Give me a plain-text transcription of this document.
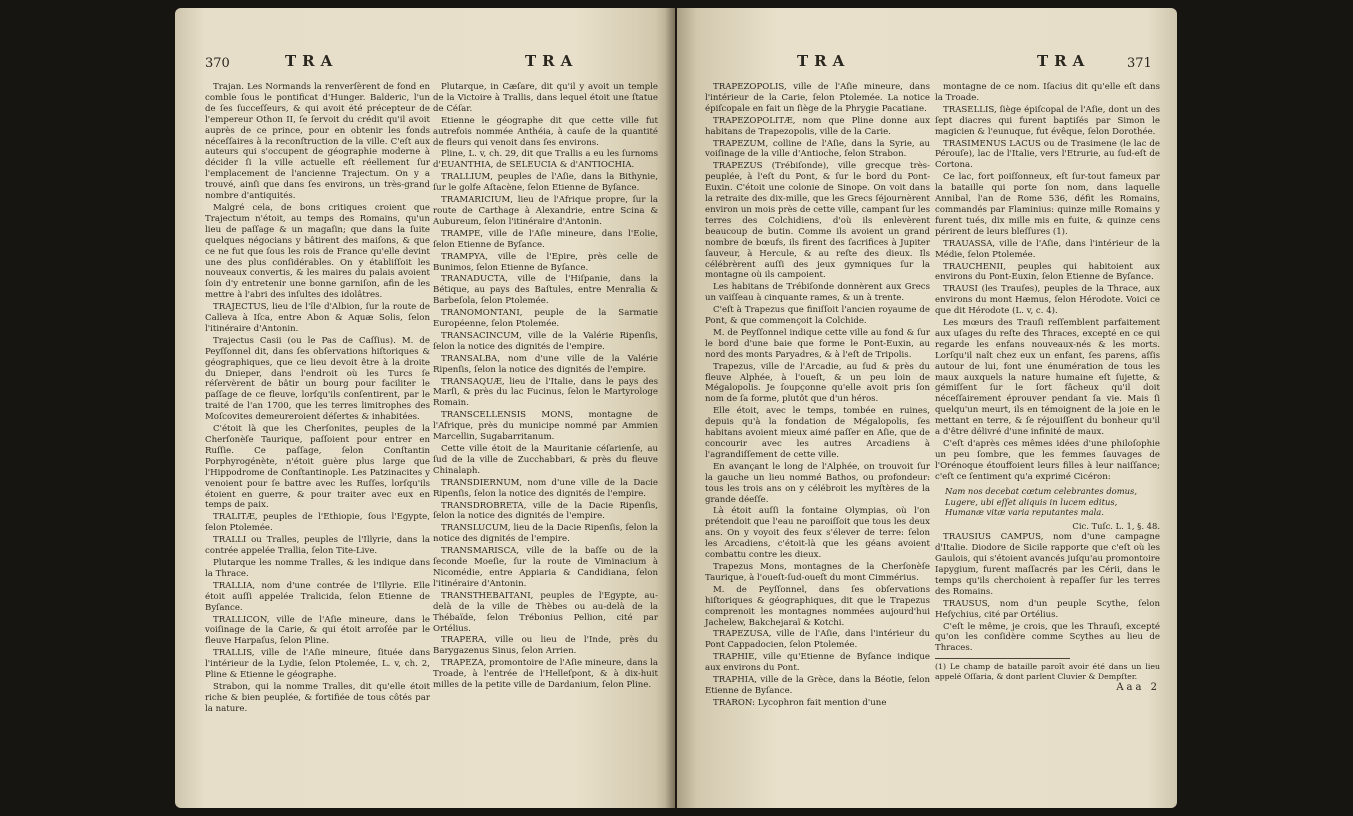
370	TRA	TRA

Trajan. Les Normands la renverſèrent de fond en comble ſous le pontificat d'Hunger. Balderic, l'un de ſes ſucceſſeurs, & qui avoit été précepteur de l'empereur Othon II, ſe ſervoit du crédit qu'il avoit auprès de ce prince, pour en obtenir les fonds néceſſaires à la reconſtruction de la ville. C'eſt aux auteurs qui s'occupent de géographie moderne à décider ſi la ville actuelle eſt réellement ſur l'emplacement de l'ancienne Trajectum. On y a trouvé, ainſi que dans ſes environs, un très-grand nombre d'antiquités.

Malgré cela, de bons critiques croient que Trajectum n'étoit, au temps des Romains, qu'un lieu de paſſage & un magaſin; que dans la ſuite quelques négocians y bâtirent des maiſons, & que ce ne fut que ſous les rois de France qu'elle devint une des plus conſidérables. On y établiſſoit les nouveaux convertis, & les maires du palais avoient ſoin d'y entretenir une bonne garniſon, afin de les mettre à l'abri des inſultes des idolâtres.

TRAJECTUS, lieu de l'île d'Albion, ſur la route de Calleva à Iſca, entre Abon & Aquæ Solis, ſelon l'itinéraire d'Antonin.

Trajectus Casii (ou le Pas de Caſſius). M. de Peyſſonnel dit, dans ſes obſervations hiſtoriques & géographiques, que ce lieu devoit être à la droite du Dnieper, dans l'endroit où les Turcs ſe réſervèrent de bâtir un bourg pour faciliter le paſſage de ce fleuve, lorſqu'ils conſentirent, par le traité de l'an 1700, que les terres limitrophes des Moſcovites demeureroient déſertes & inhabitées.

C'étoit là que les Cherſonites, peuples de la Cherſonèſe Taurique, paſſoient pour entrer en Ruſſie. Ce paſſage, ſelon Conſtantin Porphyrogénète, n'étoit guère plus large que l'Hippodrome de Conſtantinople. Les Patzinacites y venoient pour ſe battre avec les Ruſſes, lorſqu'ils étoient en guerre, & pour traiter avec eux en temps de paix.

TRALITÆ, peuples de l'Ethiopie, ſous l'Egypte, ſelon Ptolemée.

TRALLI ou Tralles, peuples de l'Illyrie, dans la contrée appelée Trallia, ſelon Tite-Live.

Plutarque les nomme Tralles, & les indique dans la Thrace.

TRALLIA, nom d'une contrée de l'Illyrie. Elle étoit auſſi appelée Tralicida, ſelon Etienne de Byſance.

TRALLICON, ville de l'Aſie mineure, dans le voiſinage de la Carie, & qui étoit arroſée par le fleuve Harpaſus, ſelon Pline.

TRALLIS, ville de l'Aſie mineure, ſituée dans l'intérieur de la Lydie, ſelon Ptolemée, L. v, ch. 2, Pline & Etienne le géographe.

Strabon, qui la nomme Tralles, dit qu'elle étoit riche & bien peuplée, & fortifiée de tous côtés par la nature.

Plutarque, in Cæſare, dit qu'il y avoit un temple de la Victoire à Trallis, dans lequel étoit une ſtatue de Céſar.

Etienne le géographe dit que cette ville fut autrefois nommée Anthéia, à cauſe de la quantité de fleurs qui venoit dans ſes environs.

Pline, L. v, ch. 29, dit que Trallis a eu les ſurnoms d'EUANTHIA, de SELEUCIA & d'ANTIOCHIA.

TRALLIUM, peuples de l'Aſie, dans la Bithynie, ſur le golfe Aſtacène, ſelon Etienne de Byſance.

TRAMARICIUM, lieu de l'Afrique propre, ſur la route de Carthage à Alexandrie, entre Scina & Aubureum, ſelon l'itinéraire d'Antonin.

TRAMPE, ville de l'Aſie mineure, dans l'Eolie, ſelon Etienne de Byſance.

TRAMPYA, ville de l'Epire, près celle de Bunimos, ſelon Etienne de Byſance.

TRANADUCTA, ville de l'Hiſpanie, dans la Bétique, au pays des Baſtules, entre Menralia & Barbeſola, ſelon Ptolemée.

TRANOMONTANI, peuple de la Sarmatie Européenne, ſelon Ptolemée.

TRANSACINCUM, ville de la Valérie Ripenſis, ſelon la notice des dignités de l'empire.

TRANSALBA, nom d'une ville de la Valérie Ripenſis, ſelon la notice des dignités de l'empire.

TRANSAQUÆ, lieu de l'Italie, dans le pays des Marſi, & près du lac Fucinus, ſelon le Martyrologe Romain.

TRANSCELLENSIS MONS, montagne de l'Afrique, près du municipe nommé par Ammien Marcellin, Sugabarritanum.

Cette ville étoit de la Mauritanie céſarienſe, au ſud de la ville de Zucchabbari, & près du fleuve Chinalaph.

TRANSDIERNUM, nom d'une ville de la Dacie Ripenſis, ſelon la notice des dignités de l'empire.

TRANSDROBRETA, ville de la Dacie Ripenſis, ſelon la notice des dignités de l'empire.

TRANSLUCUM, lieu de la Dacie Ripenſis, ſelon la notice des dignités de l'empire.

TRANSMARISCA, ville de la baſſe ou de la ſeconde Moeſie, ſur la route de Viminacium à Nicomédie, entre Appiaria & Candidiana, ſelon l'itinéraire d'Antonin.

TRANSTHEBAITANI, peuples de l'Egypte, au-delà de la ville de Thèbes ou au-delà de la Thébaïde, ſelon Trébonius Pellion, cité par Ortélius.

TRAPERA, ville ou lieu de l'Inde, près du Barygazenus Sinus, ſelon Arrien.

TRAPEZA, promontoire de l'Aſie mineure, dans la Troade, à l'entrée de l'Helleſpont, & à dix-huit milles de la petite ville de Dardanium, ſelon Pline.

TRA	TRA	371

TRAPEZOPOLIS, ville de l'Aſie mineure, dans l'intérieur de la Carie, ſelon Ptolemée. La notice épiſcopale en fait un ſiège de la Phrygie Pacatiane.

TRAPEZOPOLITÆ, nom que Pline donne aux habitans de Trapezopolis, ville de la Carie.

TRAPEZUM, colline de l'Aſie, dans la Syrie, au voiſinage de la ville d'Antioche, ſelon Strabon.

TRAPEZUS (Trébiſonde), ville grecque très-peuplée, à l'eſt du Pont, & ſur le bord du Pont-Euxin. C'étoit une colonie de Sinope. On voit dans la retraite des dix-mille, que les Grecs ſéjournèrent environ un mois près de cette ville, campant ſur les terres des Colchidiens, d'où ils enlevèrent beaucoup de butin. Comme ils avoient un grand nombre de bœufs, ils firent des ſacrifices à Jupiter ſauveur, à Hercule, & au reſte des dieux. Ils célébrèrent auſſi des jeux gymniques ſur la montagne où ils campoient.

Les habitans de Trébiſonde donnèrent aux Grecs un vaiſſeau à cinquante rames, & un à trente.

C'eſt à Trapezus que finiſſoit l'ancien royaume de Pont, & que commençoit la Colchide.

M. de Peyſſonnel indique cette ville au fond & ſur le bord d'une baie que forme le Pont-Euxin, au nord des monts Paryadres, & à l'eſt de Tripolis.

Trapezus, ville de l'Arcadie, au ſud & près du fleuve Alphée, à l'oueſt, & un peu loin de Mégalopolis. Je ſoupçonne qu'elle avoit pris ſon nom de ſa forme, plutôt que d'un héros.

Elle étoit, avec le temps, tombée en ruines, depuis qu'à la fondation de Mégalopolis, ſes habitans avoient mieux aimé paſſer en Aſie, que de concourir avec les autres Arcadiens à l'agrandiſſement de cette ville.

En avançant le long de l'Alphée, on trouvoit ſur la gauche un lieu nommé Bathos, ou profondeur: tous les trois ans on y célébroit les myſtères de la grande déeſſe.

Là étoit auſſi la fontaine Olympias, où l'on prétendoit que l'eau ne paroiſſoit que tous les deux ans. On y voyoit des feux s'élever de terre: ſelon les Arcadiens, c'étoit-là que les géans avoient combattu contre les dieux.

Trapezus Mons, montagnes de la Cherſonèſe Taurique, à l'oueſt-ſud-oueſt du mont Cimmérius.

M. de Peyſſonnel, dans ſes obſervations hiſtoriques & géographiques, dit que le Trapezus comprenoit les montagnes nommées aujourd'hui Jachelew, Bakchejaraï & Kotchi.

TRAPEZUSA, ville de l'Aſie, dans l'intérieur du Pont Cappadocien, ſelon Ptolemée.

TRAPHIE, ville qu'Etienne de Byſance indique aux environs du Pont.

TRAPHIA, ville de la Grèce, dans la Béotie, ſelon Etienne de Byſance.

TRARON: Lycophron fait mention d'une

montagne de ce nom. Iſacius dit qu'elle eſt dans la Troade.

TRASELLIS, ſiège épiſcopal de l'Aſie, dont un des ſept diacres qui furent baptiſés par Simon le magicien & l'eunuque, fut évêque, ſelon Dorothée.

TRASIMENUS LACUS ou de Trasimene (le lac de Pérouſe), lac de l'Italie, vers l'Etrurie, au ſud-eſt de Cortona.

Ce lac, fort poiſſonneux, eſt ſur-tout fameux par la bataille qui porte ſon nom, dans laquelle Annibal, l'an de Rome 536, défit les Romains, commandés par Flaminius: quinze mille Romains y furent tués, dix mille mis en fuite, & quinze cens périrent de leurs bleſſures (1).

TRAUASSA, ville de l'Aſie, dans l'intérieur de la Médie, ſelon Ptolemée.

TRAUCHENII, peuples qui habitoient aux environs du Pont-Euxin, ſelon Etienne de Byſance.

TRAUSI (les Trauſes), peuples de la Thrace, aux environs du mont Hæmus, ſelon Hérodote. Voici ce que dit Hérodote (L. v, c. 4).

Les mœurs des Trauſi reſſemblent parfaitement aux uſages du reſte des Thraces, excepté en ce qui regarde les enfans nouveaux-nés & les morts. Lorſqu'il naît chez eux un enfant, ſes parens, aſſis autour de lui, font une énumération de tous les maux auxquels la nature humaine eſt ſujette, & gémiſſent ſur le ſort fâcheux qu'il doit néceſſairement éprouver pendant ſa vie. Mais ſi quelqu'un meurt, ils en témoignent de la joie en le mettant en terre, & ſe réjouiſſent du bonheur qu'il a d'être délivré d'une infinité de maux.

C'eſt d'après ces mêmes idées d'une philoſophie un peu ſombre, que les femmes ſauvages de l'Orénoque étouffoient leurs filles à leur naiſſance; c'eſt ce ſentiment qu'a exprimé Cicéron:

Nam nos decebat cœtum celebrantes domus,
Lugere, ubi eſſet aliquis in lucem editus,
Humanæ vitæ varia reputantes mala.
Cic. Tuſc. L. 1, §. 48.

TRAUSIUS CAMPUS, nom d'une campagne d'Italie. Diodore de Sicile rapporte que c'eſt où les Gaulois, qui s'étoient avancés juſqu'au promontoire Iapygium, furent maſſacrés par les Cérii, dans le temps qu'ils cherchoient à repaſſer ſur les terres des Romains.

TRAUSUS, nom d'un peuple Scythe, ſelon Heſychius, cité par Ortélius.

C'eſt le même, je crois, que les Thrauſi, excepté qu'on les conſidère comme Scythes au lieu de Thraces.

(1) Le champ de bataille paroît avoir été dans un lieu appelé Oſſaria, & dont parlent Cluvier & Dempſter.
Aaa 2
